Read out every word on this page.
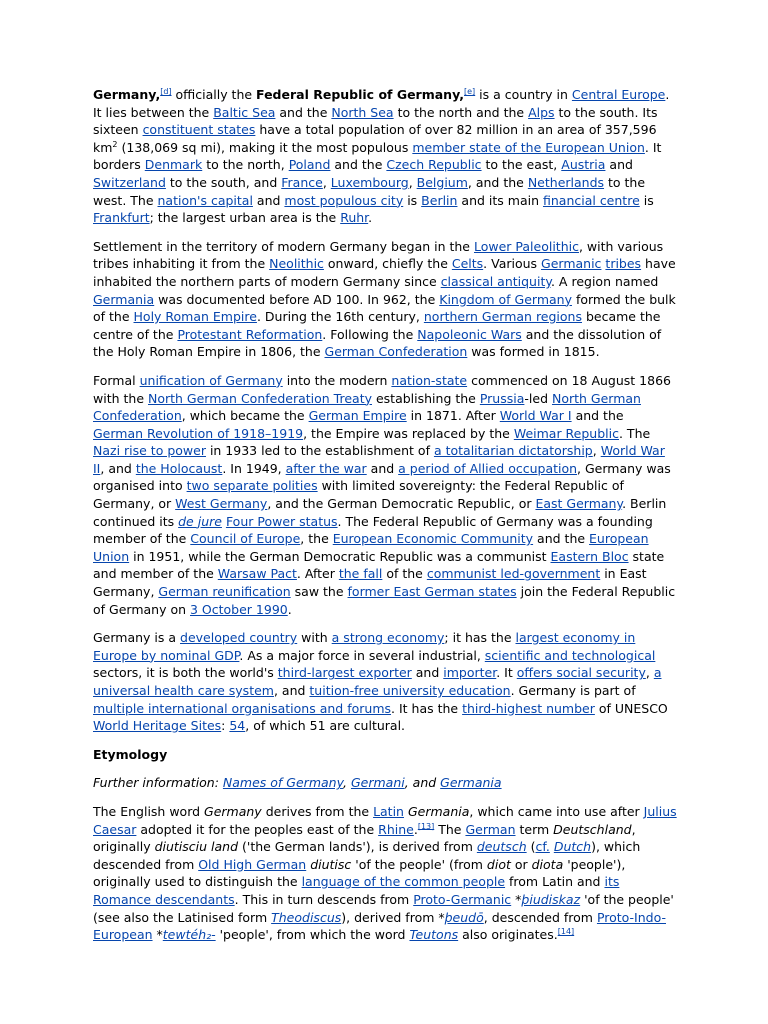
Germany,[d] officially the Federal Republic of Germany,[e] is a country in Central Europe. It lies between the Baltic Sea and the North Sea to the north and the Alps to the south. Its sixteen constituent states have a total population of over 82 million in an area of 357,596 $km^2$ (138,069 sq mi), making it the most populous member state of the European Union. It borders Denmark to the north, Poland and the Czech Republic to the east, Austria and Switzerland to the south, and France, Luxembourg, Belgium, and the Netherlands to the west. The nation's capital and most populous city is Berlin and its main financial centre is Frankfurt; the largest urban area is the Ruhr.

Settlement in the territory of modern Germany began in the Lower Paleolithic, with various tribes inhabiting it from the Neolithic onward, chiefly the Celts. Various Germanic tribes have inhabited the northern parts of modern Germany since classical antiquity. A region named Germania was documented before AD 100. In 962, the Kingdom of Germany formed the bulk of the Holy Roman Empire. During the 16th century, northern German regions became the centre of the Protestant Reformation. Following the Napoleonic Wars and the dissolution of the Holy Roman Empire in 1806, the German Confederation was formed in 1815.

Formal unification of Germany into the modern nation-state commenced on 18 August 1866 with the North German Confederation Treaty establishing the Prussia-led North German Confederation, which became the German Empire in 1871. After World War I and the German Revolution of 1918–1919, the Empire was replaced by the Weimar Republic. The Nazi rise to power in 1933 led to the establishment of a totalitarian dictatorship, World War II, and the Holocaust. In 1949, after the war and a period of Allied occupation, Germany was organised into two separate polities with limited sovereignty: the Federal Republic of Germany, or West Germany, and the German Democratic Republic, or East Germany. Berlin continued its de jure Four Power status. The Federal Republic of Germany was a founding member of the Council of Europe, the European Economic Community and the European Union in 1951, while the German Democratic Republic was a communist Eastern Bloc state and member of the Warsaw Pact. After the fall of the communist led-government in East Germany, German reunification saw the former East German states join the Federal Republic of Germany on 3 October 1990.

Germany is a developed country with a strong economy; it has the largest economy in Europe by nominal GDP. As a major force in several industrial, scientific and technological sectors, it is both the world's third-largest exporter and importer. It offers social security, a universal health care system, and tuition-free university education. Germany is part of multiple international organisations and forums. It has the third-highest number of UNESCO World Heritage Sites: 54, of which 51 are cultural.

Etymology

Further information: Names of Germany, Germani, and Germania

The English word Germany derives from the Latin Germania, which came into use after Julius Caesar adopted it for the peoples east of the Rhine.[13] The German term Deutschland, originally diutisciu land ('the German lands'), is derived from deutsch (cf. Dutch), which descended from Old High German diutisc 'of the people' (from diot or diota 'people'), originally used to distinguish the language of the common people from Latin and its Romance descendants. This in turn descends from Proto-Germanic *þiudiskaz 'of the people' (see also the Latinised form Theodiscus), derived from *þeudō, descended from Proto-Indo-European *tewtéh₂- 'people', from which the word Teutons also originates.[14]
